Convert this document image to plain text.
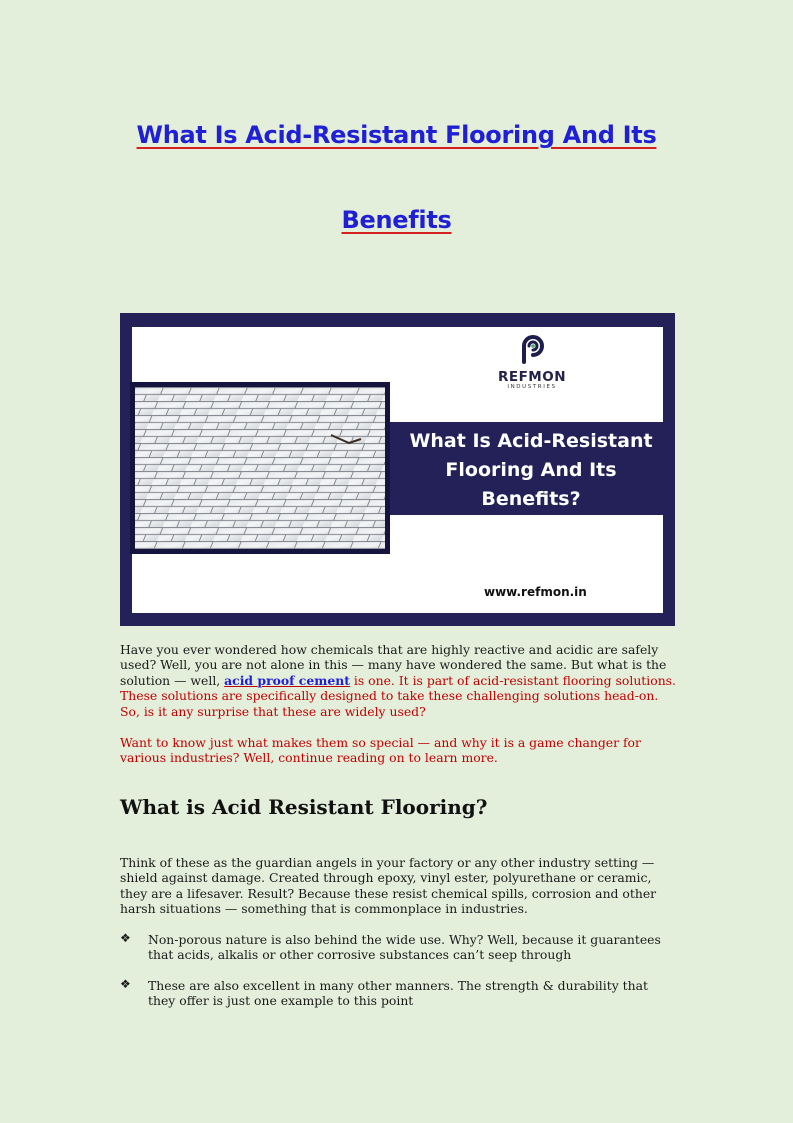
What Is Acid-Resistant Flooring And Its
Benefits
What Is Acid-Resistant
Flooring And Its
Benefits?
REFMON
INDUSTRIES
www.refmon.in

Have you ever wondered how chemicals that are highly reactive and acidic are safely used? Well, you are not alone in this — many have wondered the same. But what is the solution — well, acid proof cement is one. It is part of acid-resistant flooring solutions. These solutions are specifically designed to take these challenging solutions head-on. So, is it any surprise that these are widely used?

Want to know just what makes them so special — and why it is a game changer for various industries? Well, continue reading on to learn more.

What is Acid Resistant Flooring?

Think of these as the guardian angels in your factory or any other industry setting — shield against damage. Created through epoxy, vinyl ester, polyurethane or ceramic, they are a lifesaver. Result? Because these resist chemical spills, corrosion and other harsh situations — something that is commonplace in industries.

❖ Non-porous nature is also behind the wide use. Why? Well, because it guarantees that acids, alkalis or other corrosive substances can’t seep through
❖ These are also excellent in many other manners. The strength & durability that they offer is just one example to this point
